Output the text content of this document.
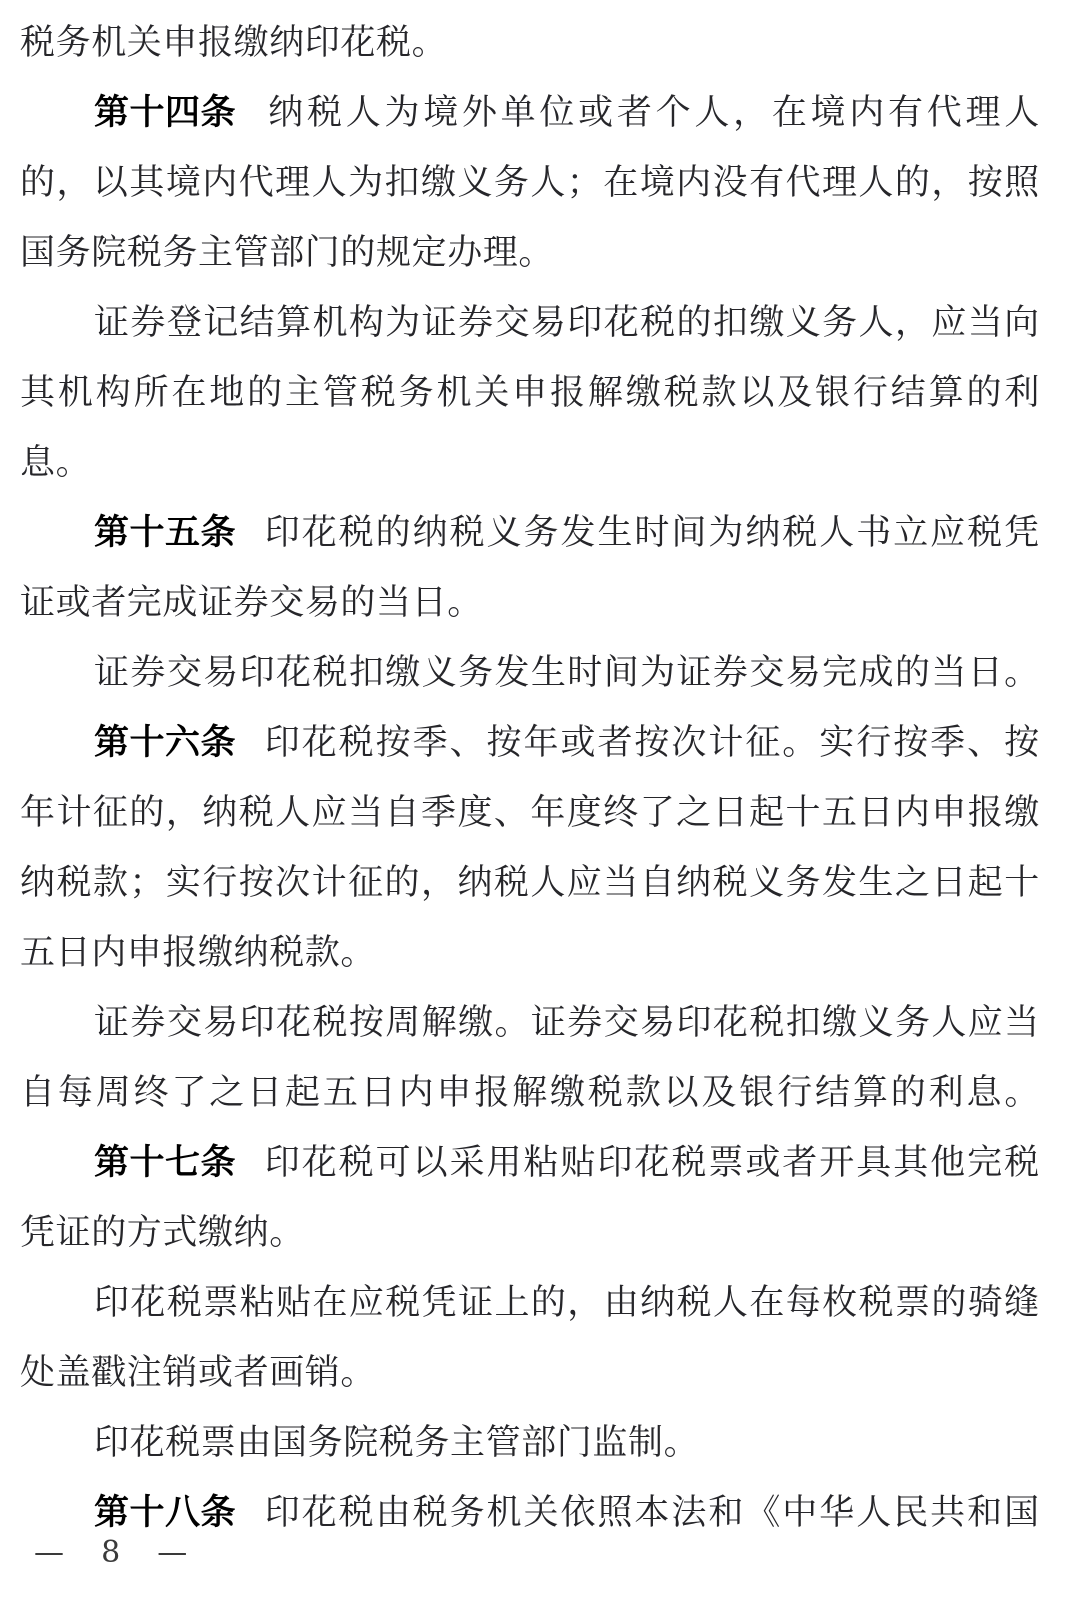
税务机关申报缴纳印花税。
第十四条 纳 税 人 为 境 外 单 位 或 者 个 人 ， 在 境 内 有 代 理 人
的 ， 以 其 境 内 代 理 人 为 扣 缴 义 务 人 ； 在 境 内 没 有 代 理 人 的 ， 按 照
国务院税务主管部门的规定办理。
证 券 登 记 结 算 机 构 为 证 券 交 易 印 花 税 的 扣 缴 义 务 人 ， 应 当 向
其 机 构 所 在 地 的 主 管 税 务 机 关 申 报 解 缴 税 款 以 及 银 行 结 算 的 利
息。
第十五条 印 花 税 的 纳 税 义 务 发 生 时 间 为 纳 税 人 书 立 应 税 凭
证或者完成证券交易的当日。
证 券 交 易 印 花 税 扣 缴 义 务 发 生 时 间 为 证 券 交 易 完 成 的 当 日 。
第十六条 印 花 税 按 季 、 按 年 或 者 按 次 计 征 。 实 行 按 季 、 按
年 计 征 的 ， 纳 税 人 应 当 自 季 度 、 年 度 终 了 之 日 起 十 五 日 内 申 报 缴
纳 税 款 ； 实 行 按 次 计 征 的 ， 纳 税 人 应 当 自 纳 税 义 务 发 生 之 日 起 十
五日内申报缴纳税款。
证 券 交 易 印 花 税 按 周 解 缴 。 证 券 交 易 印 花 税 扣 缴 义 务 人 应 当
自 每 周 终 了 之 日 起 五 日 内 申 报 解 缴 税 款 以 及 银 行 结 算 的 利 息 。
第十七条 印 花 税 可 以 采 用 粘 贴 印 花 税 票 或 者 开 具 其 他 完 税
凭证的方式缴纳。
印 花 税 票 粘 贴 在 应 税 凭 证 上 的 ， 由 纳 税 人 在 每 枚 税 票 的 骑 缝
处盖戳注销或者画销。
印花税票由国务院税务主管部门监制。
第十八条 印 花 税 由 税 务 机 关 依 照 本 法 和 《 中 华 人 民 共 和 国
—  8  —
